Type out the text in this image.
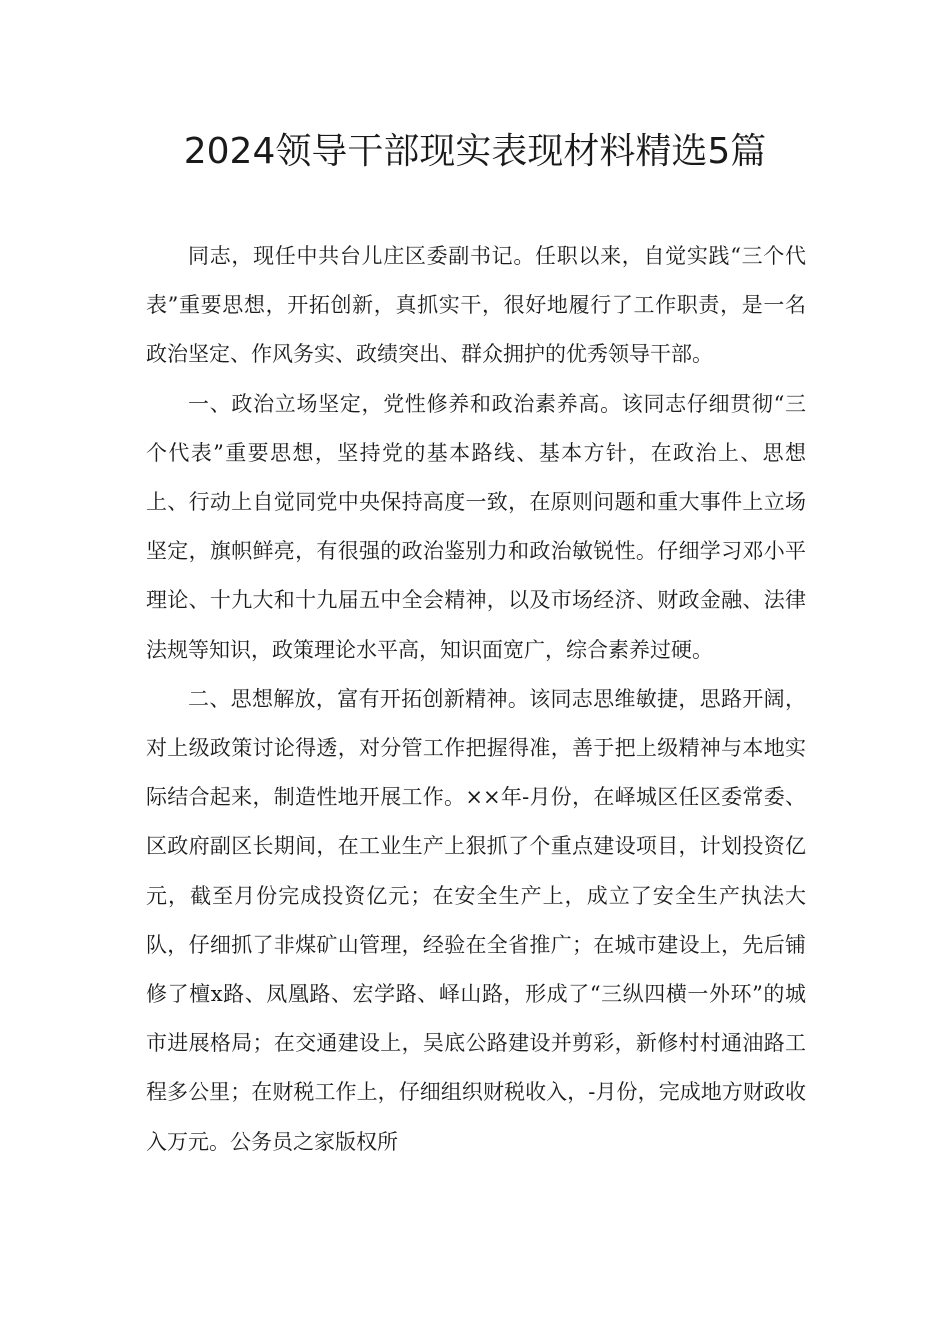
2024领导干部现实表现材料精选5篇

同志，现任中共台儿庄区委副书记。任职以来，自觉实践“三个代表”重要思想，开拓创新，真抓实干，很好地履行了工作职责，是一名政治坚定、作风务实、政绩突出、群众拥护的优秀领导干部。

一、政治立场坚定，党性修养和政治素养高。该同志仔细贯彻“三个代表”重要思想，坚持党的基本路线、基本方针，在政治上、思想上、行动上自觉同党中央保持高度一致，在原则问题和重大事件上立场坚定，旗帜鲜亮，有很强的政治鉴别力和政治敏锐性。仔细学习邓小平理论、十九大和十九届五中全会精神，以及市场经济、财政金融、法律法规等知识，政策理论水平高，知识面宽广，综合素养过硬。

二、思想解放，富有开拓创新精神。该同志思维敏捷，思路开阔，对上级政策讨论得透，对分管工作把握得准，善于把上级精神与本地实际结合起来，制造性地开展工作。××年-月份，在峄城区任区委常委、区政府副区长期间，在工业生产上狠抓了个重点建设项目，计划投资亿元，截至月份完成投资亿元；在安全生产上，成立了安全生产执法大队，仔细抓了非煤矿山管理，经验在全省推广；在城市建设上，先后铺修了檀x路、凤凰路、宏学路、峄山路，形成了“三纵四横一外环”的城市进展格局；在交通建设上，吴底公路建设并剪彩，新修村村通油路工程多公里；在财税工作上，仔细组织财税收入，-月份，完成地方财政收入万元。公务员之家版权所
